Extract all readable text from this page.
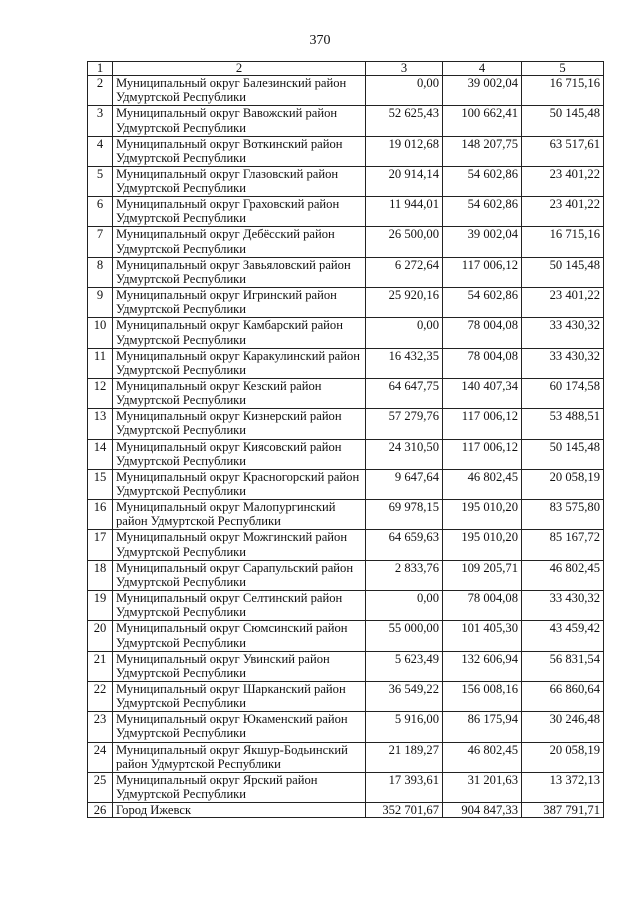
370
1	2	3	4	5
2	Муниципальный округ Балезинский район Удмуртской Республики	0,00	39 002,04	16 715,16
3	Муниципальный округ Вавожский район Удмуртской Республики	52 625,43	100 662,41	50 145,48
4	Муниципальный округ Воткинский район Удмуртской Республики	19 012,68	148 207,75	63 517,61
5	Муниципальный округ Глазовский район Удмуртской Республики	20 914,14	54 602,86	23 401,22
6	Муниципальный округ Граховский район Удмуртской Республики	11 944,01	54 602,86	23 401,22
7	Муниципальный округ Дебёсский район Удмуртской Республики	26 500,00	39 002,04	16 715,16
8	Муниципальный округ Завьяловский район Удмуртской Республики	6 272,64	117 006,12	50 145,48
9	Муниципальный округ Игринский район Удмуртской Республики	25 920,16	54 602,86	23 401,22
10	Муниципальный округ Камбарский район Удмуртской Республики	0,00	78 004,08	33 430,32
11	Муниципальный округ Каракулинский район Удмуртской Республики	16 432,35	78 004,08	33 430,32
12	Муниципальный округ Кезский район Удмуртской Республики	64 647,75	140 407,34	60 174,58
13	Муниципальный округ Кизнерский район Удмуртской Республики	57 279,76	117 006,12	53 488,51
14	Муниципальный округ Киясовский район Удмуртской Республики	24 310,50	117 006,12	50 145,48
15	Муниципальный округ Красногорский район Удмуртской Республики	9 647,64	46 802,45	20 058,19
16	Муниципальный округ Малопургинский район Удмуртской Республики	69 978,15	195 010,20	83 575,80
17	Муниципальный округ Можгинский район Удмуртской Республики	64 659,63	195 010,20	85 167,72
18	Муниципальный округ Сарапульский район Удмуртской Республики	2 833,76	109 205,71	46 802,45
19	Муниципальный округ Селтинский район Удмуртской Республики	0,00	78 004,08	33 430,32
20	Муниципальный округ Сюмсинский район Удмуртской Республики	55 000,00	101 405,30	43 459,42
21	Муниципальный округ Увинский район Удмуртской Республики	5 623,49	132 606,94	56 831,54
22	Муниципальный округ Шарканский район Удмуртской Республики	36 549,22	156 008,16	66 860,64
23	Муниципальный округ Юкаменский район Удмуртской Республики	5 916,00	86 175,94	30 246,48
24	Муниципальный округ Якшур-Бодьинский район Удмуртской Республики	21 189,27	46 802,45	20 058,19
25	Муниципальный округ Ярский район Удмуртской Республики	17 393,61	31 201,63	13 372,13
26	Город Ижевск	352 701,67	904 847,33	387 791,71
